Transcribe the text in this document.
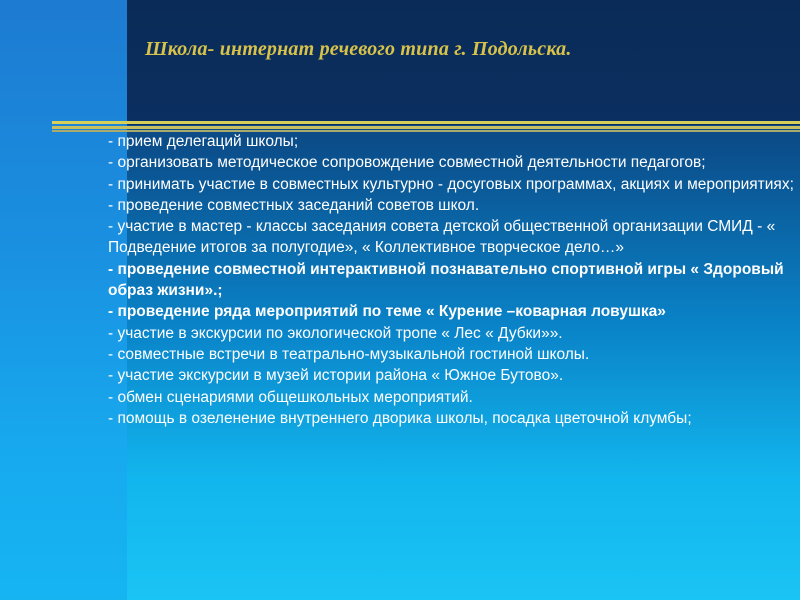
Школа- интернат речевого типа г. Подольска.

- прием делегаций школы;

- организовать методическое сопровождение совместной деятельности педагогов;

- принимать участие в совместных культурно - досуговых программах, акциях и мероприятиях;

- проведение совместных заседаний советов школ.

- участие в мастер - классы заседания совета детской общественной организации СМИД - « Подведение итогов за полугодие», « Коллективное творческое дело…»

- проведение совместной интерактивной познавательно спортивной игры « Здоровый образ жизни».;

- проведение ряда мероприятий по теме « Курение –коварная ловушка»

- участие в экскурсии по экологической тропе « Лес « Дубки»».

- совместные встречи в театрально-музыкальной гостиной школы.

- участие экскурсии в музей истории района « Южное Бутово».

- обмен сценариями общешкольных мероприятий.

- помощь в озеленение внутреннего дворика школы, посадка цветочной клумбы;
